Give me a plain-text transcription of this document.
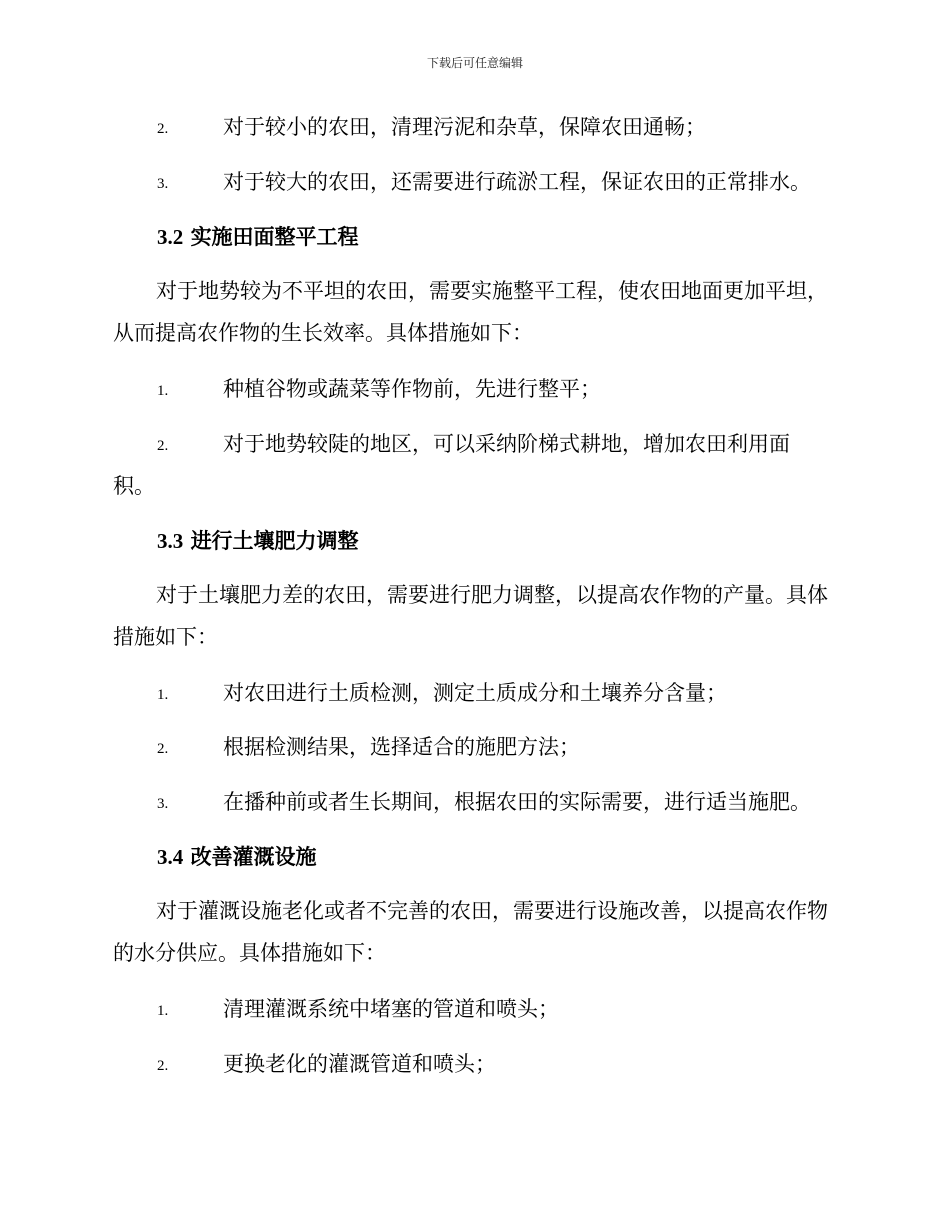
下载后可任意编辑
2.	对于较小的农田，清理污泥和杂草，保障农田通畅；
3.	对于较大的农田，还需要进行疏淤工程，保证农田的正常排水。
3.2 实施田面整平工程
对于地势较为不平坦的农田，需要实施整平工程，使农田地面更加平坦，从而提高农作物的生长效率。具体措施如下：
1.	种植谷物或蔬菜等作物前，先进行整平；
2.	对于地势较陡的地区，可以采纳阶梯式耕地，增加农田利用面
积。
3.3 进行土壤肥力调整
对于土壤肥力差的农田，需要进行肥力调整，以提高农作物的产量。具体措施如下：
1.	对农田进行土质检测，测定土质成分和土壤养分含量；
2.	根据检测结果，选择适合的施肥方法；
3.	在播种前或者生长期间，根据农田的实际需要，进行适当施肥。
3.4 改善灌溉设施
对于灌溉设施老化或者不完善的农田，需要进行设施改善，以提高农作物的水分供应。具体措施如下：
1.	清理灌溉系统中堵塞的管道和喷头；
2.	更换老化的灌溉管道和喷头；
